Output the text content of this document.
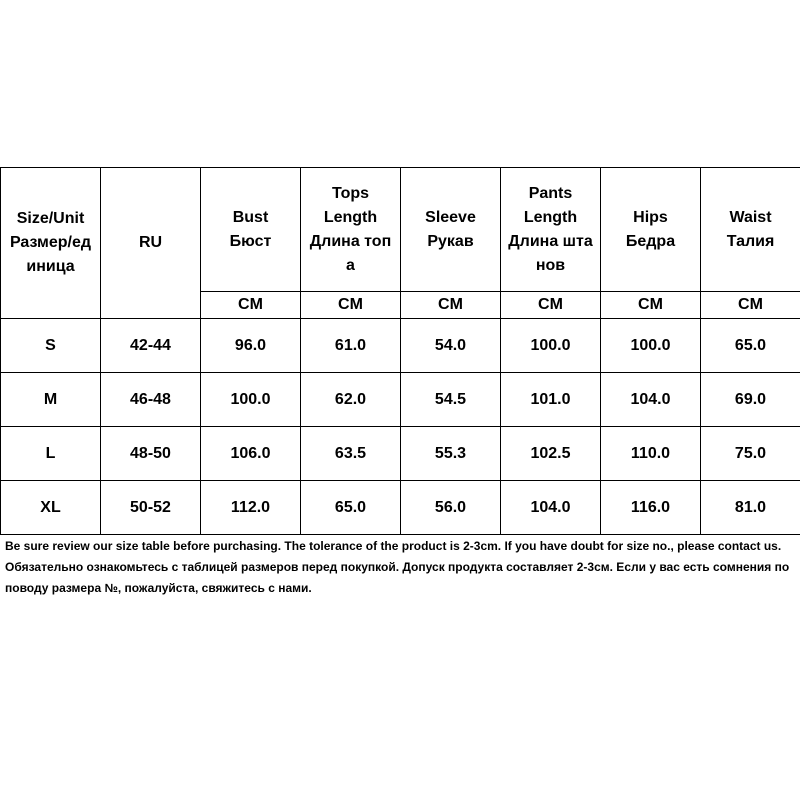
Size/Unit
Размер/ед
иница	RU	Bust
Бюст	Tops
Length
Длина топ
а	Sleeve
Рукав	Pants
Length
Длина шта
нов	Hips
Бедра	Waist
Талия

		CM	CM	CM	CM	CM	CM
S	42-44	96.0	61.0	54.0	100.0	100.0	65.0
M	46-48	100.0	62.0	54.5	101.0	104.0	69.0
L	48-50	106.0	63.5	55.3	102.5	110.0	75.0
XL	50-52	112.0	65.0	56.0	104.0	116.0	81.0

Be sure review our size table before purchasing. The tolerance of the product is 2-3cm. If you have doubt for size no., please contact us.

Обязательно ознакомьтесь с таблицей размеров перед покупкой. Допуск продукта составляет 2-3см. Если у вас есть сомнения по поводу размера №, пожалуйста, свяжитесь с нами.
